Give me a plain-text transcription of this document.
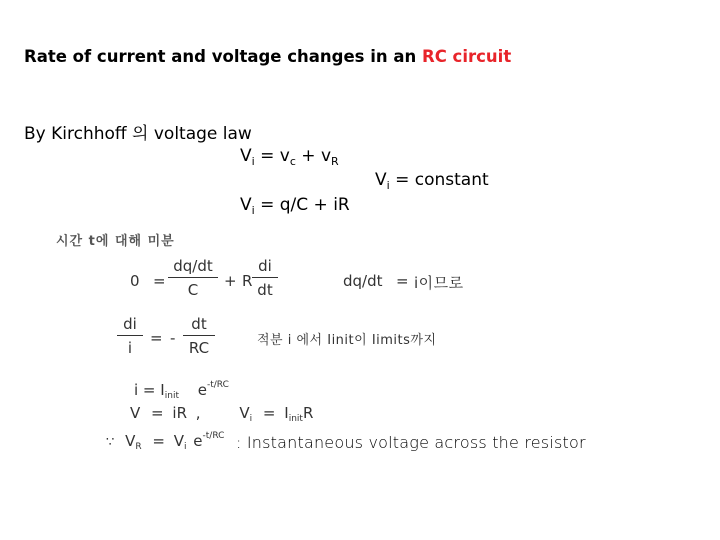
Rate of current and voltage changes in an RC circuit
By Kirchhoff 의 voltage law
$V_i = v_c + v_R$
$V_i$ = constant
$V_i = q/C$ + iR
시간 t에 대해 미분
0 =
dq/dt
C	+ R
di
dt	dq/dt = i이므로
di
i
= -
dt
RC	적분 i 에서 Iinit이 Iimits까지
$i = I_{init}$ $e^{-t/RC}$
V = iR ,	$V_i = I_{init}R$
∵ $V_R = V_i$ $e^{-t/RC}$ : Instantaneous voltage across the resistor
